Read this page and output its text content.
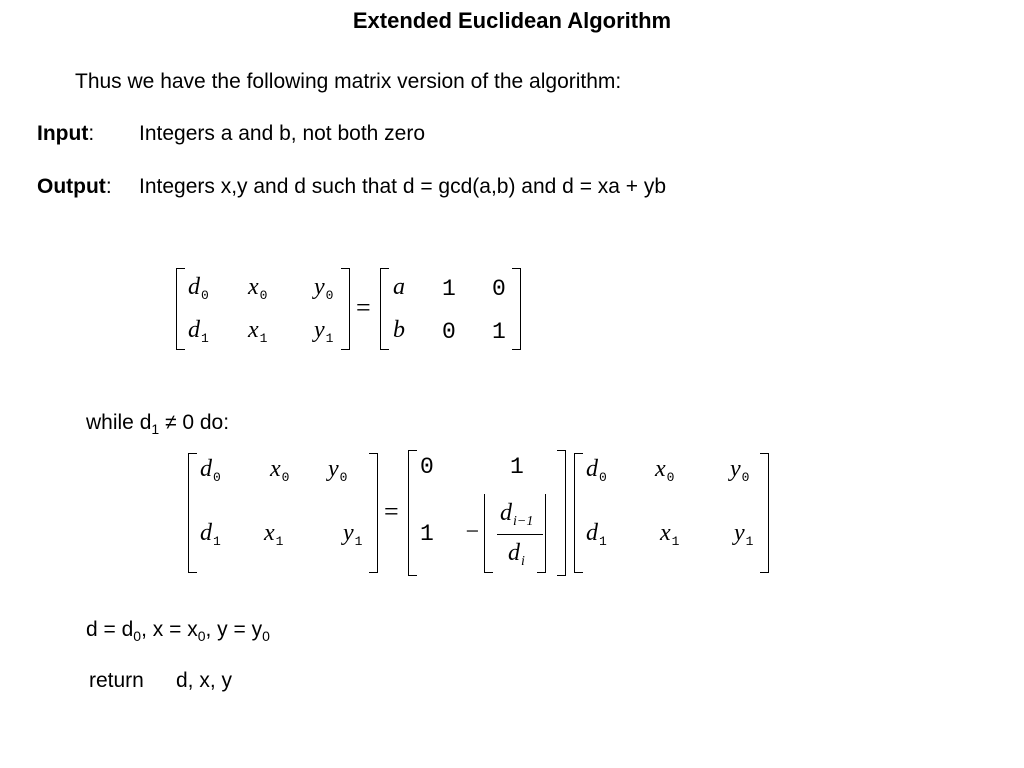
Extended Euclidean Algorithm
Thus we have the following matrix version of the algorithm:
Input: Integers a and b, not both zero
Output: Integers x,y and d such that d = gcd(a,b) and d = xa + yb
$d_0$ $x_0$ $y_0$
$d_1$ $x_1$ $y_1$
=
a 1 0
b 0 1
while $d_1 \ne 0$ do:
$d_0$ $x_0$ $y_0$
$d_1$ $x_1$ $y_1$
=
0	1
1 −
$d_{i-1}$
$d_i$
$d_0$ $x_0$ $y_0$
$d_1$ $x_1$ $y_1$
$d = d_0$, $x = x_0$, $y = y_0$
return d, x, y
